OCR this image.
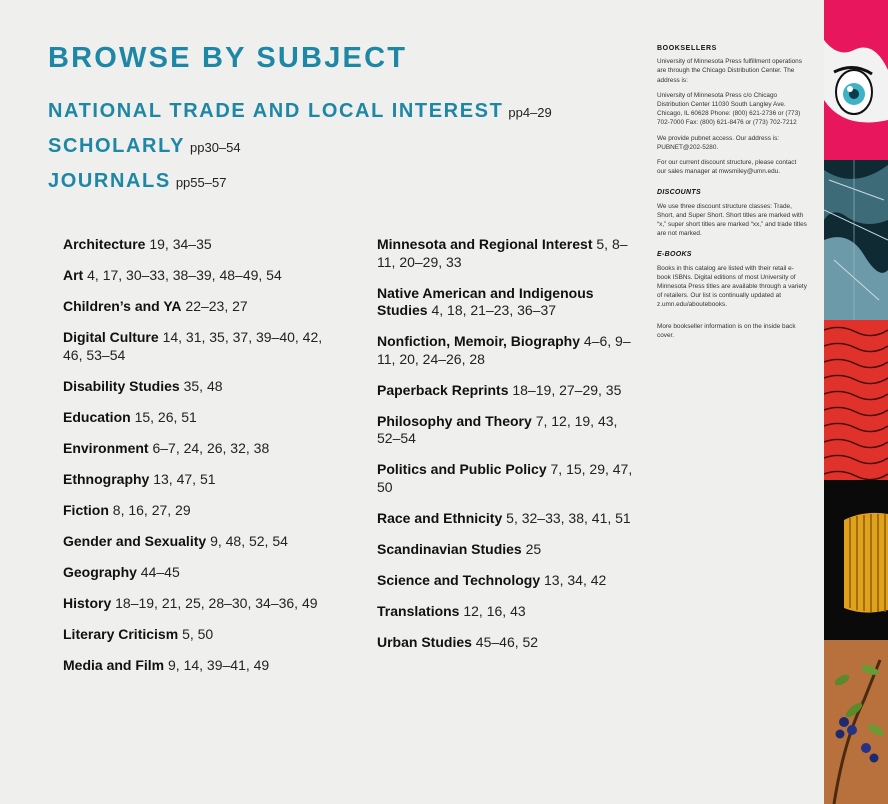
BROWSE BY SUBJECT
NATIONAL TRADE AND LOCAL INTEREST pp4–29
SCHOLARLY pp30–54
JOURNALS pp55–57
Architecture 19, 34–35
Art 4, 17, 30–33, 38–39, 48–49, 54
Children’s and YA 22–23, 27
Digital Culture 14, 31, 35, 37, 39–40, 42, 46, 53–54
Disability Studies 35, 48
Education 15, 26, 51
Environment 6–7, 24, 26, 32, 38
Ethnography 13, 47, 51
Fiction 8, 16, 27, 29
Gender and Sexuality 9, 48, 52, 54
Geography 44–45
History 18–19, 21, 25, 28–30, 34–36, 49
Literary Criticism 5, 50
Media and Film 9, 14, 39–41, 49
Minnesota and Regional Interest 5, 8–11, 20–29, 33
Native American and Indigenous Studies 4, 18, 21–23, 36–37
Nonfiction, Memoir, Biography 4–6, 9–11, 20, 24–26, 28
Paperback Reprints 18–19, 27–29, 35
Philosophy and Theory 7, 12, 19, 43, 52–54
Politics and Public Policy 7, 15, 29, 47, 50
Race and Ethnicity 5, 32–33, 38, 41, 51
Scandinavian Studies 25
Science and Technology 13, 34, 42
Translations 12, 16, 43
Urban Studies 45–46, 52
BOOKSELLERS

University of Minnesota Press fulfillment operations are through the Chicago Distribution Center. The address is:

University of Minnesota Press c/o Chicago Distribution Center 11030 South Langley Ave. Chicago, IL 60628 Phone: (800) 621-2736 or (773) 702-7000 Fax: (800) 621-8476 or (773) 702-7212

We provide pubnet access. Our address is: PUBNET@202-5280.

For our current discount structure, please contact our sales manager at mwsmiley@umn.edu.

DISCOUNTS

We use three discount structure classes: Trade, Short, and Super Short. Short titles are marked with “x,” super short titles are marked “xx,” and trade titles are not marked.

E-BOOKS

Books in this catalog are listed with their retail e-book ISBNs. Digital editions of most University of Minnesota Press titles are available through a variety of retailers. Our list is continually updated at z.umn.edu/aboutebooks.

More bookseller information is on the inside back cover.
